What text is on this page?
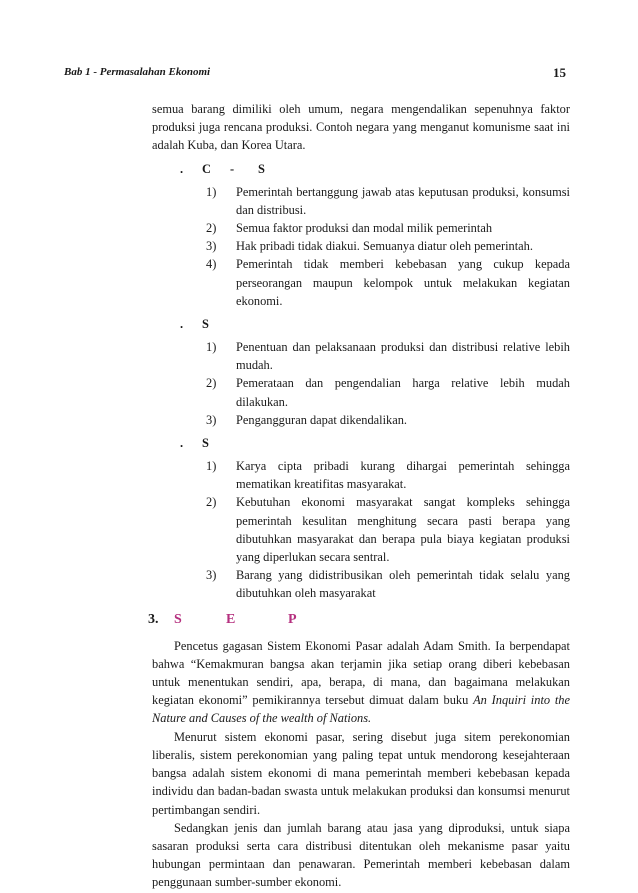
Bab 1 - Permasalahan Ekonomi	15

semua barang dimiliki oleh umum, negara mengendalikan sepenuhnya faktor produksi juga rencana produksi. Contoh negara yang menganut komunisme saat ini adalah Kuba, dan Korea Utara.

.	C	-	S
1)	Pemerintah bertanggung jawab atas keputusan produksi, konsumsi dan distribusi.
2)	Semua faktor produksi dan modal milik pemerintah
3)	Hak pribadi tidak diakui. Semuanya diatur oleh pemerintah.
4)	Pemerintah tidak memberi kebebasan yang cukup kepada perseorangan maupun kelompok untuk melakukan kegiatan ekonomi.
.	S
1)	Penentuan dan pelaksanaan produksi dan distribusi relative lebih mudah.
2)	Pemerataan dan pengendalian harga relative lebih mudah dilakukan.
3)	Pengangguran dapat dikendalikan.
.	S
1)	Karya cipta pribadi kurang dihargai pemerintah sehingga mematikan kreatifitas masyarakat.
2)	Kebutuhan ekonomi masyarakat sangat kompleks sehingga pemerintah kesulitan menghitung secara pasti berapa yang dibutuhkan masyarakat dan berapa pula biaya kegiatan produksi yang diperlukan secara sentral.
3)	Barang yang didistribusikan oleh pemerintah tidak selalu yang dibutuhkan oleh masyarakat
3. S	E	P

Pencetus gagasan Sistem Ekonomi Pasar adalah Adam Smith. Ia berpendapat bahwa “Kemakmuran bangsa akan terjamin jika setiap orang diberi kebebasan untuk menentukan sendiri, apa, berapa, di mana, dan bagaimana melakukan kegiatan ekonomi” pemikirannya tersebut dimuat dalam buku An Inquiri into the Nature and Causes of the wealth of Nations.

Menurut sistem ekonomi pasar, sering disebut juga sitem perekonomian liberalis, sistem perekonomian yang paling tepat untuk mendorong kesejahteraan bangsa adalah sistem ekonomi di mana pemerintah memberi kebebasan kepada individu dan badan-badan swasta untuk melakukan produksi dan konsumsi menurut pertimbangan sendiri.

Sedangkan jenis dan jumlah barang atau jasa yang diproduksi, untuk siapa sasaran produksi serta cara distribusi ditentukan oleh mekanisme pasar yaitu hubungan permintaan dan penawaran. Pemerintah memberi kebebasan dalam penggunaan sumber-sumber ekonomi.
